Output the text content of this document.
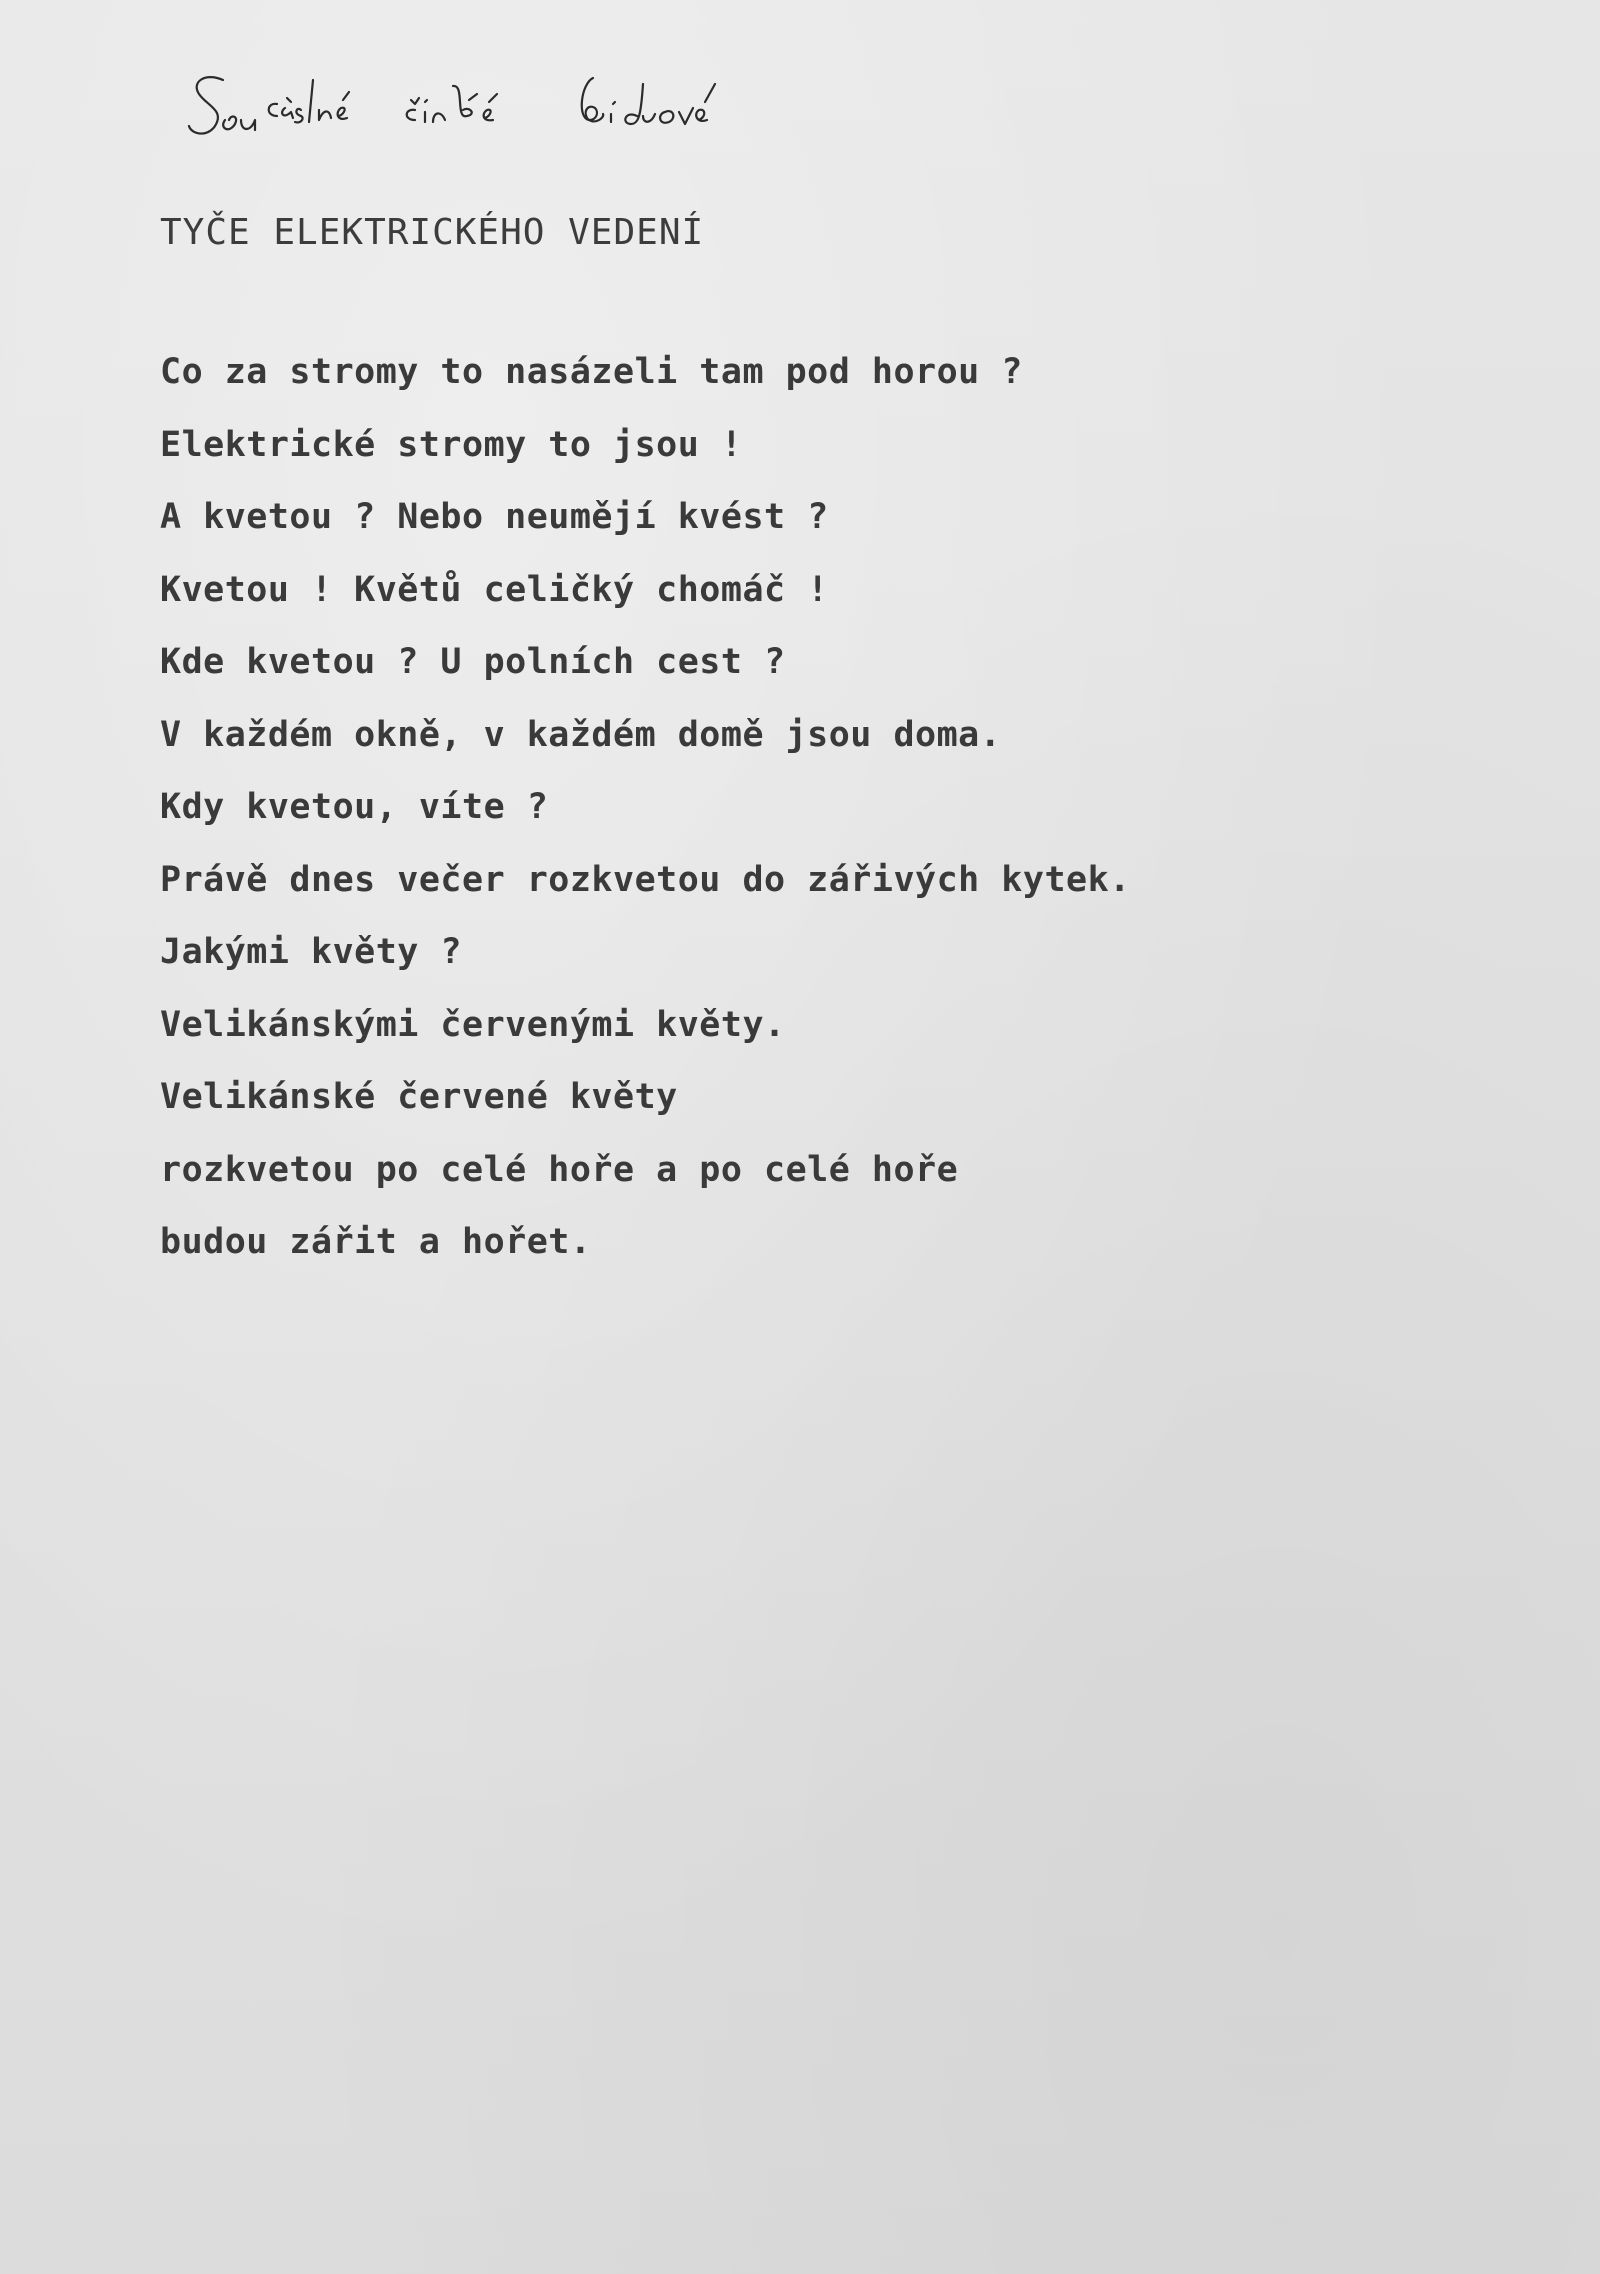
TYČE ELEKTRICKÉHO VEDENÍ
Co za stromy to nasázeli tam pod horou ?
Elektrické stromy to jsou !
A kvetou ? Nebo neumějí kvést ?
Kvetou ! Květů celičký chomáč !
Kde kvetou ? U polních cest ?
V každém okně, v každém domě jsou doma.
Kdy kvetou, víte ?
Právě dnes večer rozkvetou do zářivých kytek.
Jakými květy ?
Velikánskými červenými květy.
Velikánské červené květy
rozkvetou po celé hoře a po celé hoře
budou zářit a hořet.
